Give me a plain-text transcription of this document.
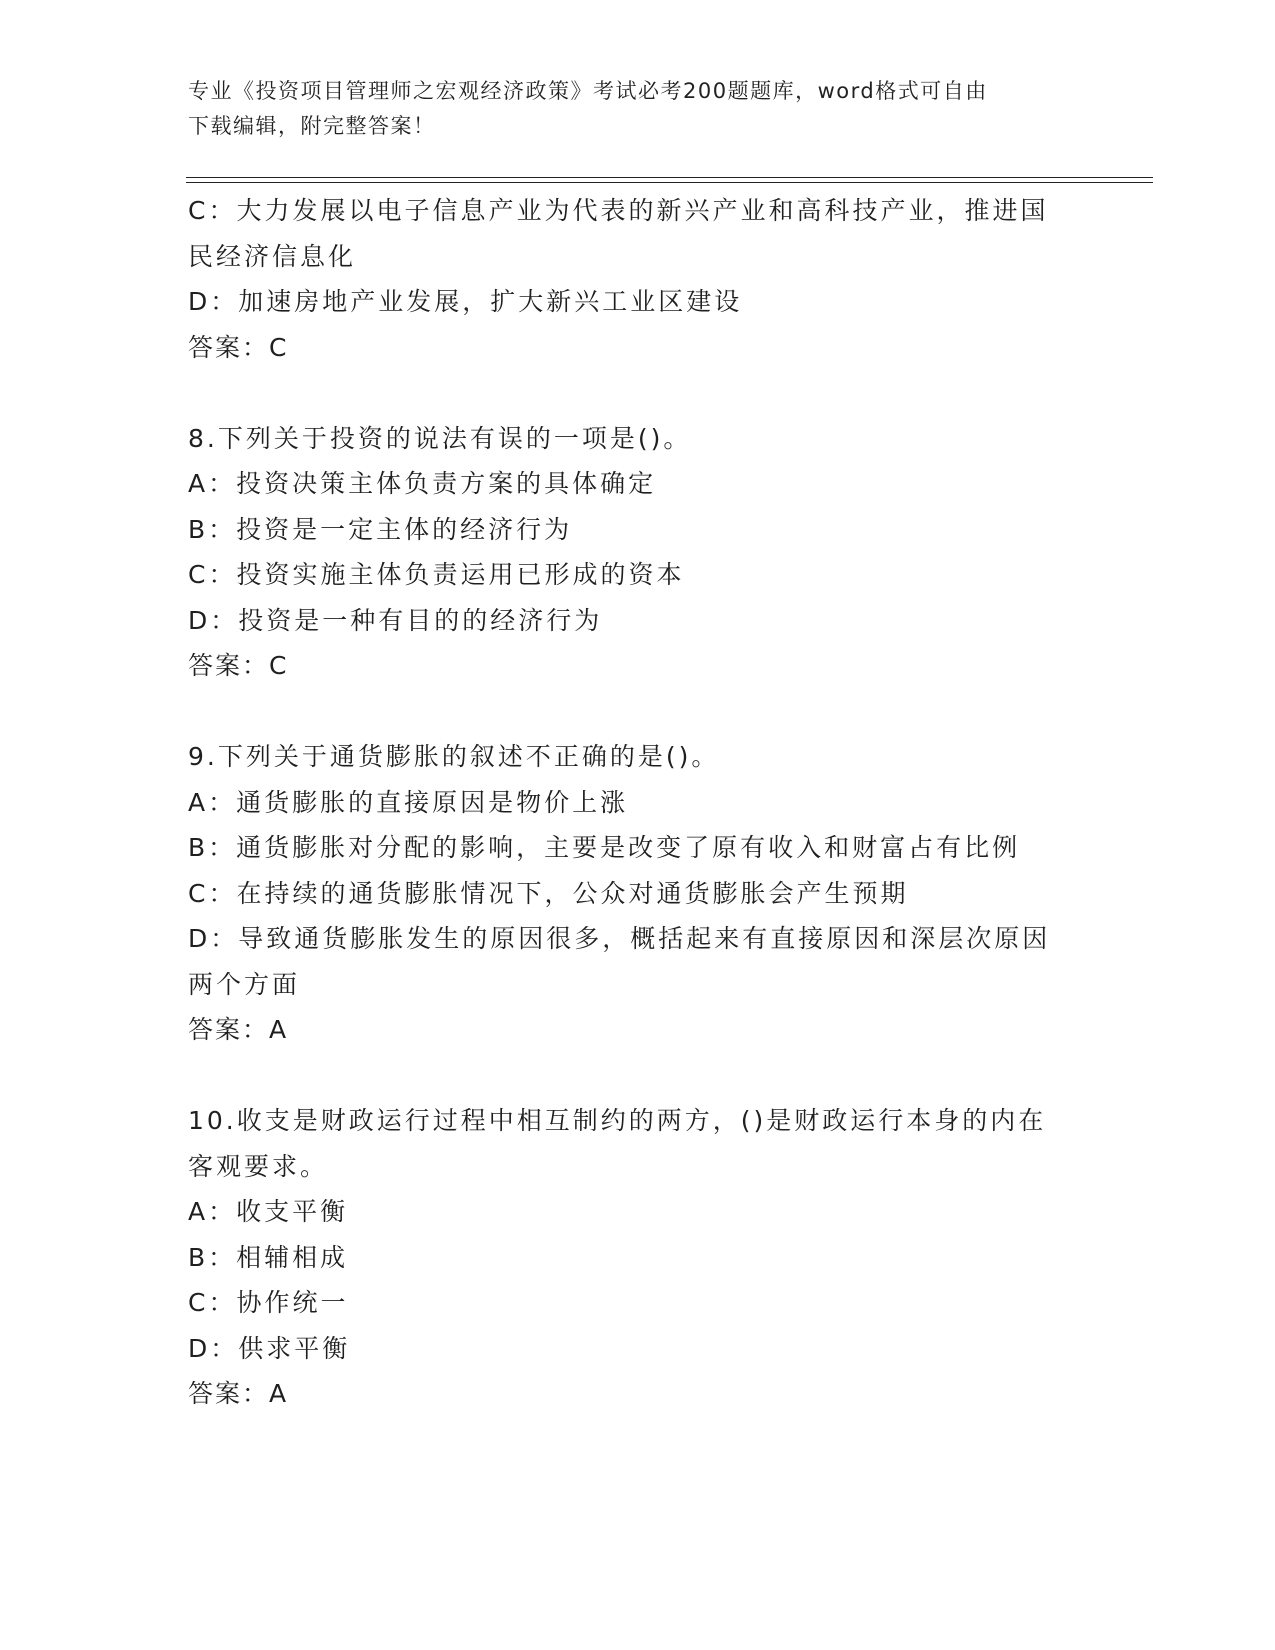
专业《投资项目管理师之宏观经济政策》考试必考200题题库，word格式可自由
下载编辑，附完整答案！
C：大力发展以电子信息产业为代表的新兴产业和高科技产业，推进国
民经济信息化
D：加速房地产业发展，扩大新兴工业区建设
答案：C
8.下列关于投资的说法有误的一项是()。
A：投资决策主体负责方案的具体确定
B：投资是一定主体的经济行为
C：投资实施主体负责运用已形成的资本
D：投资是一种有目的的经济行为
答案：C
9.下列关于通货膨胀的叙述不正确的是()。
A：通货膨胀的直接原因是物价上涨
B：通货膨胀对分配的影响，主要是改变了原有收入和财富占有比例
C：在持续的通货膨胀情况下，公众对通货膨胀会产生预期
D：导致通货膨胀发生的原因很多，概括起来有直接原因和深层次原因
两个方面
答案：A
10.收支是财政运行过程中相互制约的两方，()是财政运行本身的内在
客观要求。
A：收支平衡
B：相辅相成
C：协作统一
D：供求平衡
答案：A
